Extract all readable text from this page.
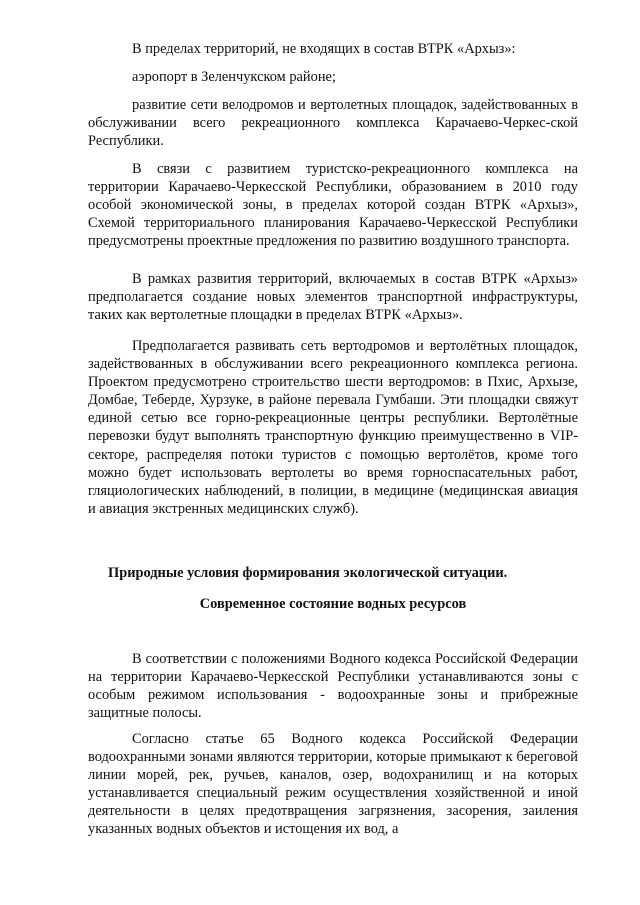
В пределах территорий, не входящих в состав ВТРК «Архыз»:

аэропорт в Зеленчукском районе;

развитие сети велодромов и вертолетных площадок, задействованных в обслуживании всего рекреационного комплекса Карачаево-Черкес-ской Республики.

В связи с развитием туристско-рекреационного комплекса на территории Карачаево-Черкесской Республики, образованием в 2010 году особой экономической зоны, в пределах которой создан ВТРК «Архыз», Схемой территориального планирования Карачаево-Черкесской Республики предусмотрены проектные предложения по развитию воздушного транспорта.

В рамках развития территорий, включаемых в состав ВТРК «Архыз» предполагается создание новых элементов транспортной инфраструктуры, таких как вертолетные площадки в пределах ВТРК «Архыз».

Предполагается развивать сеть вертодромов и вертолётных площадок, задействованных в обслуживании всего рекреационного комплекса региона. Проектом предусмотрено строительство шести вертодромов: в Пхис, Архызе, Домбае, Теберде, Хурзуке, в районе перевала Гумбаши. Эти площадки свяжут единой сетью все горно-рекреационные центры республики. Вертолётные перевозки будут выполнять транспортную функцию преимущественно в VIP-секторе, распределяя потоки туристов с помощью вертолётов, кроме того можно будет использовать вертолеты во время горноспасательных работ, гляциологических наблюдений, в полиции, в медицине (медицинская авиация и авиация экстренных медицинских служб).

Природные условия формирования экологической ситуации.
Современное состояние водных ресурсов

В соответствии с положениями Водного кодекса Российской Федерации на территории Карачаево-Черкесской Республики устанавливаются зоны с особым режимом использования - водоохранные зоны и прибрежные защитные полосы.

Согласно статье 65 Водного кодекса Российской Федерации водоохранными зонами являются территории, которые примыкают к береговой линии морей, рек, ручьев, каналов, озер, водохранилищ и на которых устанавливается специальный режим осуществления хозяйственной и иной деятельности в целях предотвращения загрязнения, засорения, заиления указанных водных объектов и истощения их вод, а
